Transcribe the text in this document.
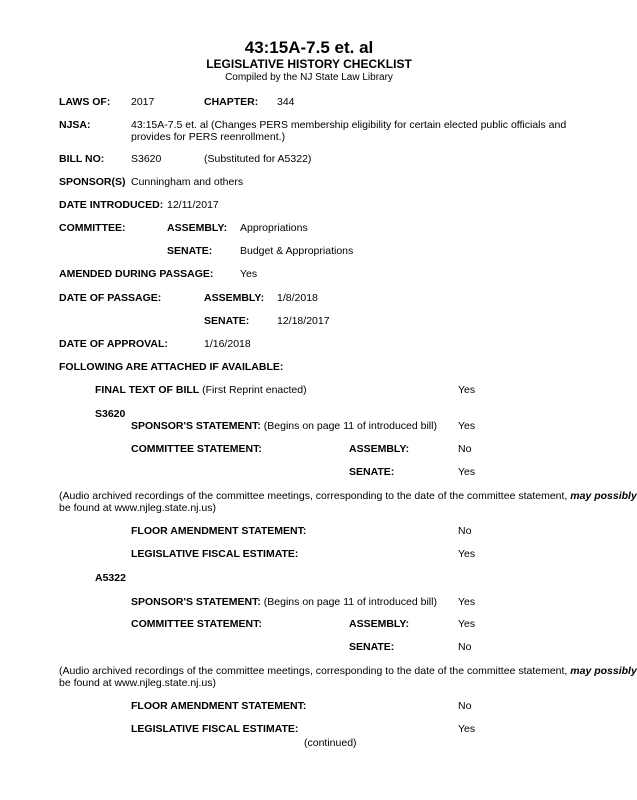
43:15A-7.5 et. al
LEGISLATIVE HISTORY CHECKLIST
Compiled by the NJ State Law Library
LAWS OF: 2017	CHAPTER: 344
NJSA:	43:15A-7.5 et. al (Changes PERS membership eligibility for certain elected public officials and provides for PERS reenrollment.)
BILL NO:	S3620	(Substituted for A5322)
SPONSOR(S) Cunningham and others
DATE INTRODUCED: 12/11/2017
COMMITTEE:	ASSEMBLY: Appropriations
SENATE:	Budget & Appropriations
AMENDED DURING PASSAGE:	Yes
DATE OF PASSAGE:	ASSEMBLY: 1/8/2018
SENATE:	12/18/2017
DATE OF APPROVAL:	1/16/2018
FOLLOWING ARE ATTACHED IF AVAILABLE:
FINAL TEXT OF BILL (First Reprint enacted)	Yes
S3620
SPONSOR'S STATEMENT: (Begins on page 11 of introduced bill) Yes
COMMITTEE STATEMENT:	ASSEMBLY:	No
SENATE:	Yes
(Audio archived recordings of the committee meetings, corresponding to the date of the committee statement, may possibly
be found at www.njleg.state.nj.us)
FLOOR AMENDMENT STATEMENT:	No
LEGISLATIVE FISCAL ESTIMATE:	Yes
A5322
SPONSOR'S STATEMENT: (Begins on page 11 of introduced bill) Yes
COMMITTEE STATEMENT:	ASSEMBLY:	Yes
SENATE:	No
(Audio archived recordings of the committee meetings, corresponding to the date of the committee statement, may possibly
be found at www.njleg.state.nj.us)
FLOOR AMENDMENT STATEMENT:	No
LEGISLATIVE FISCAL ESTIMATE:	Yes
(continued)
